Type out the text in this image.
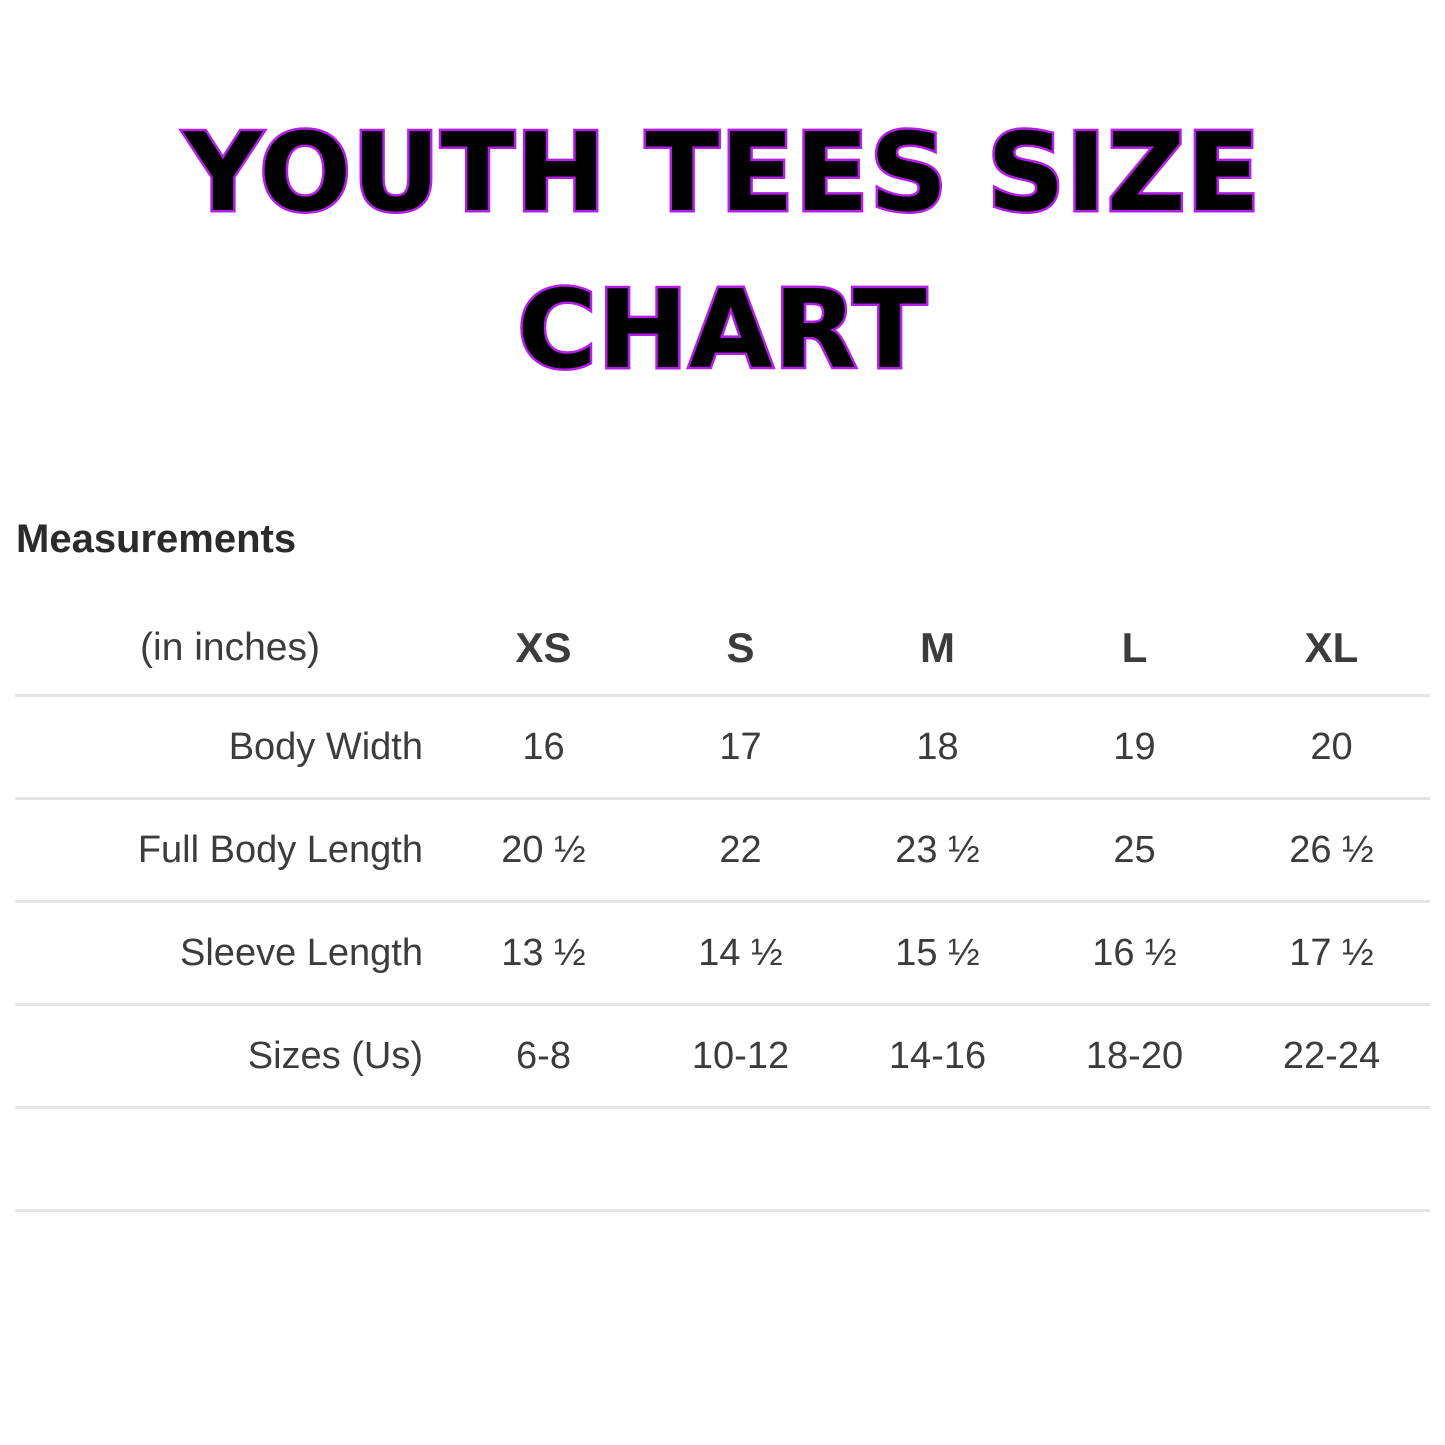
YOUTH TEES SIZE CHART
Measurements
(in inches)	XS	S	M	L	XL
Body Width	16	17	18	19	20
Full Body Length	20 ½	22	23 ½	25	26 ½
Sleeve Length	13 ½	14 ½	15 ½	16 ½	17 ½
Sizes (Us)	6-8	10-12	14-16	18-20	22-24
